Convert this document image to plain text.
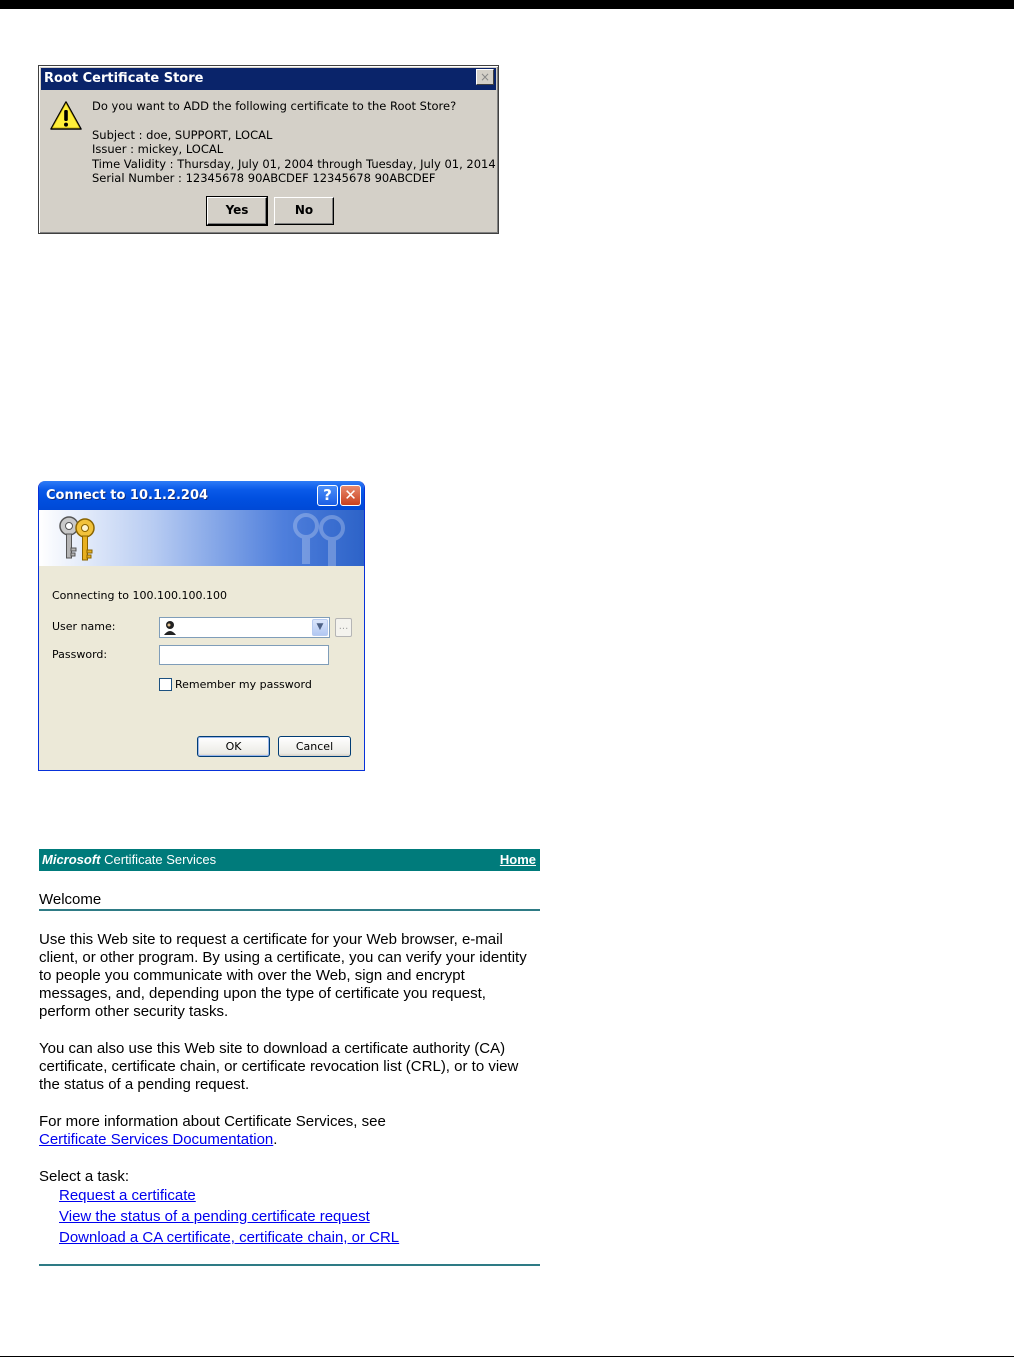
Root Certificate Store	×
Do you want to ADD the following certificate to the Root Store?
Subject : doe, SUPPORT, LOCAL
Issuer : mickey, LOCAL
Time Validity : Thursday, July 01, 2004 through Tuesday, July 01, 2014
Serial Number : 12345678 90ABCDEF 12345678 90ABCDEF
Yes	No
Connect to 10.1.2.204	? ✕
Connecting to 100.100.100.100
User name:	▼	...
Password:
Remember my password
OK	Cancel
Microsoft Certificate Services	Home
Welcome

Use this Web site to request a certificate for your Web browser, e-mail client, or other program. By using a certificate, you can verify your identity to people you communicate with over the Web, sign and encrypt messages, and, depending upon the type of certificate you request, perform other security tasks.

You can also use this Web site to download a certificate authority (CA) certificate, certificate chain, or certificate revocation list (CRL), or to view the status of a pending request.

For more information about Certificate Services, see
Certificate Services Documentation.

Select a task:
Request a certificate
View the status of a pending certificate request
Download a CA certificate, certificate chain, or CRL
